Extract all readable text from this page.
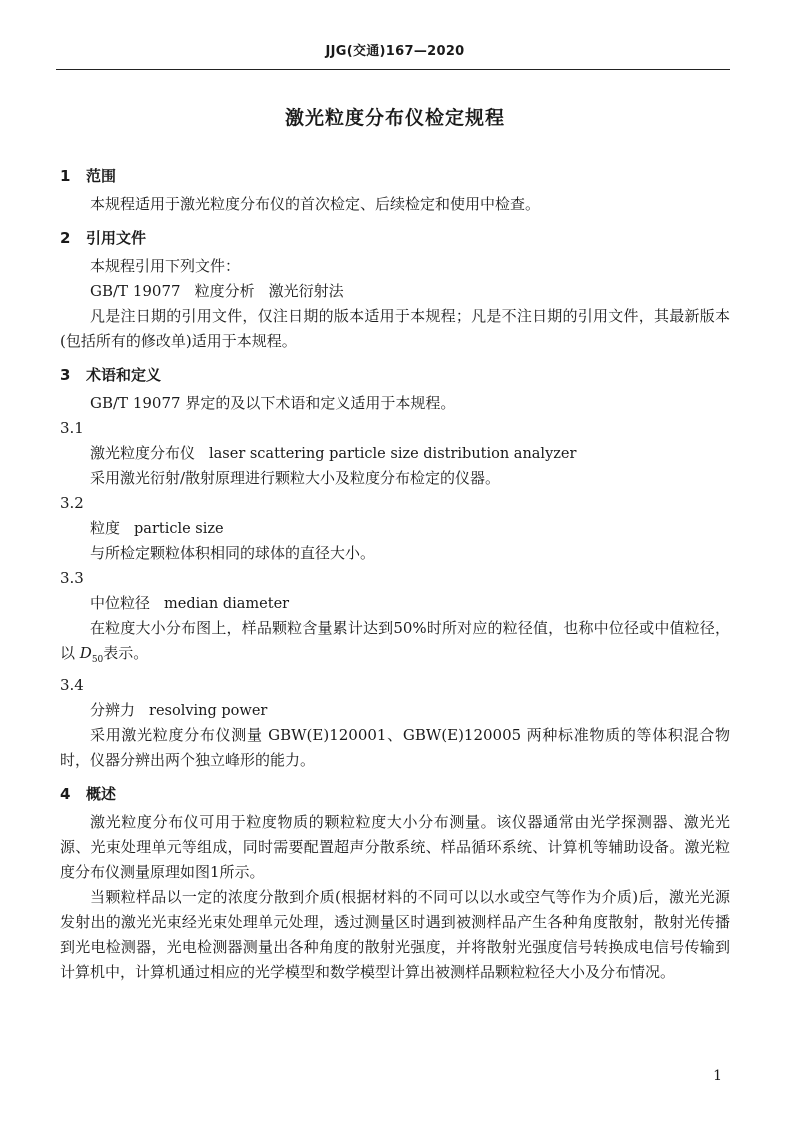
JJG(交通)167—2020
激光粒度分布仪检定规程
1 范围
本规程适用于激光粒度分布仪的首次检定、后续检定和使用中检查。
2 引用文件
本规程引用下列文件：
GB/T 19077 粒度分析 激光衍射法
凡是注日期的引用文件，仅注日期的版本适用于本规程；凡是不注日期的引用文件，其最新版本(包括所有的修改单)适用于本规程。
3 术语和定义
GB/T 19077 界定的及以下术语和定义适用于本规程。
3.1
激光粒度分布仪 laser scattering particle size distribution analyzer
采用激光衍射/散射原理进行颗粒大小及粒度分布检定的仪器。
3.2
粒度 particle size
与所检定颗粒体积相同的球体的直径大小。
3.3
中位粒径 median diameter
在粒度大小分布图上，样品颗粒含量累计达到50%时所对应的粒径值，也称中位径或中值粒径，以 $D_{50}$表示。
3.4
分辨力 resolving power
采用激光粒度分布仪测量 GBW(E)120001、GBW(E)120005 两种标准物质的等体积混合物时，仪器分辨出两个独立峰形的能力。
4 概述
激光粒度分布仪可用于粒度物质的颗粒粒度大小分布测量。该仪器通常由光学探测器、激光光源、光束处理单元等组成，同时需要配置超声分散系统、样品循环系统、计算机等辅助设备。激光粒度分布仪测量原理如图1所示。
当颗粒样品以一定的浓度分散到介质(根据材料的不同可以以水或空气等作为介质)后，激光光源发射出的激光光束经光束处理单元处理，透过测量区时遇到被测样品产生各种角度散射，散射光传播到光电检测器，光电检测器测量出各种角度的散射光强度，并将散射光强度信号转换成电信号传输到计算机中，计算机通过相应的光学模型和数学模型计算出被测样品颗粒粒径大小及分布情况。
1
